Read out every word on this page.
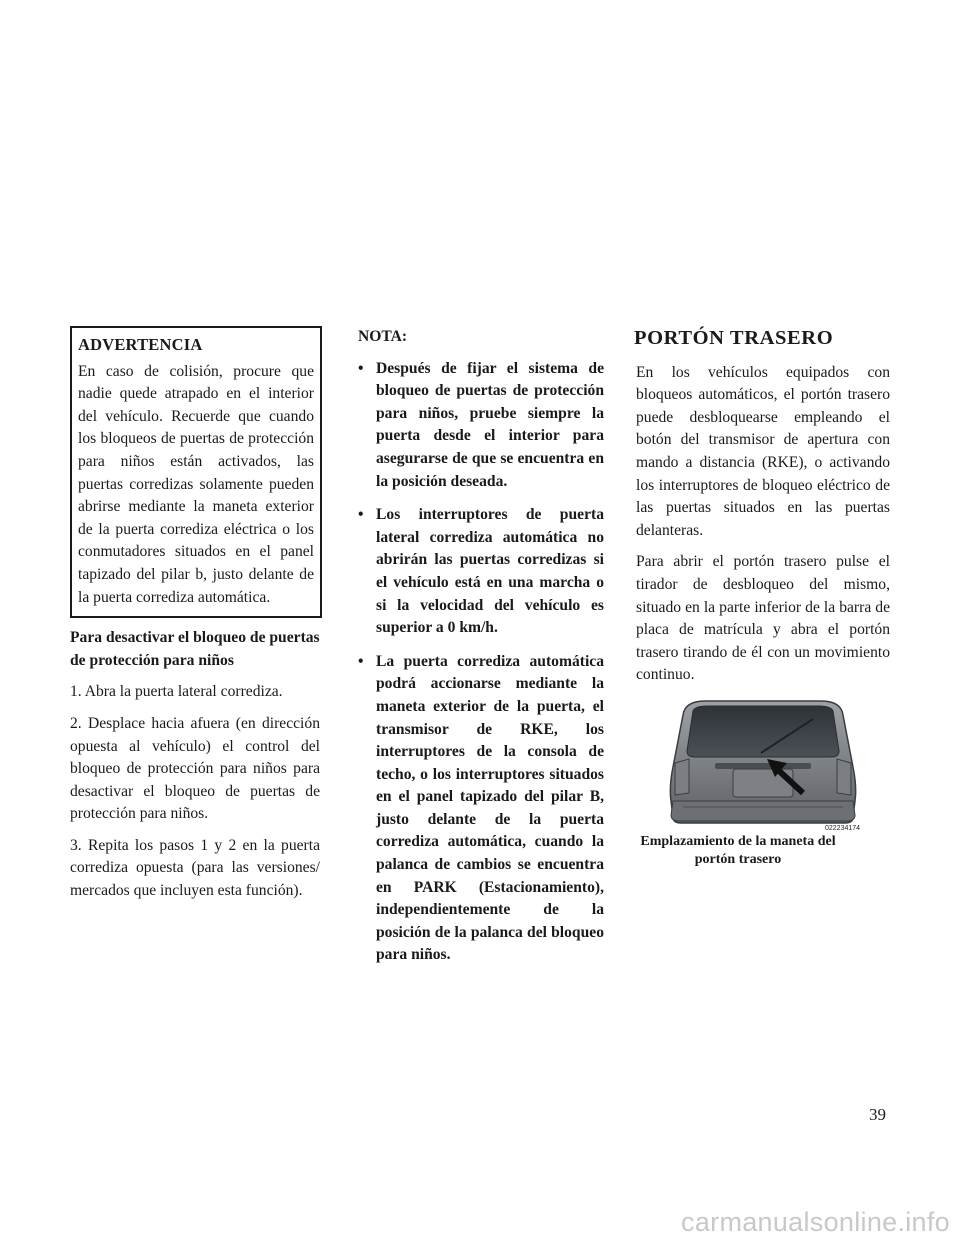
ADVERTENCIA
En caso de colisión, procure que nadie quede atrapado en el interior del vehículo. Recuerde que cuando los bloqueos de puertas de protección para niños están activados, las puertas corredizas solamente pueden abrirse mediante la maneta exterior de la puerta corrediza eléctrica o los conmutadores situados en el panel tapizado del pilar b, justo delante de la puerta corrediza automática.
Para desactivar el bloqueo de puertas de protección para niños
1. Abra la puerta lateral corrediza.
2. Desplace hacia afuera (en dirección opuesta al vehículo) el control del bloqueo de protección para niños para desactivar el bloqueo de puertas de protección para niños.
3. Repita los pasos 1 y 2 en la puerta corrediza opuesta (para las versiones/ mercados que incluyen esta función).
NOTA:
• Después de fijar el sistema de bloqueo de puertas de protección para niños, pruebe siempre la puerta desde el interior para asegurarse de que se encuentra en la posición deseada.
• Los interruptores de puerta lateral corrediza automática no abrirán las puertas corredizas si el vehículo está en una marcha o si la velocidad del vehículo es superior a 0 km/h.
• La puerta corrediza automática podrá accionarse mediante la maneta exterior de la puerta, el transmisor de RKE, los interruptores de la consola de techo, o los interruptores situados en el panel tapizado del pilar B, justo delante de la puerta corrediza automática, cuando la palanca de cambios se encuentra en PARK (Estacionamiento), independientemente de la posición de la palanca del bloqueo para niños.
PORTÓN TRASERO

En los vehículos equipados con bloqueos automáticos, el portón trasero puede desbloquearse empleando el botón del transmisor de apertura con mando a distancia (RKE), o activando los interruptores de bloqueo eléctrico de las puertas situados en las puertas delanteras.

Para abrir el portón trasero pulse el tirador de desbloqueo del mismo, situado en la parte inferior de la barra de placa de matrícula y abra el portón trasero tirando de él con un movimiento continuo.

022234174
Emplazamiento de la maneta del portón trasero
39
carmanualsonline.info
